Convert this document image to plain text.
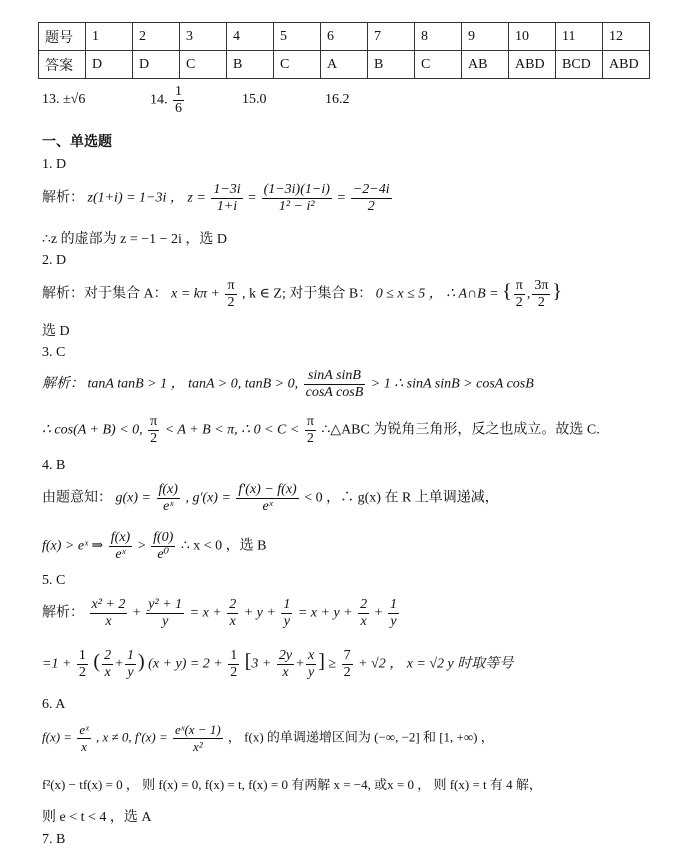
题号	1	2	3	4	5	6	7	8	9	10	11	12
答案	D	D	C	B	C	A	B	C	AB	ABD	BCD	ABD
13. ±√6	14. $\frac{1}{6}$	15.0	16.2
一、单选题
1. D
解析： z(1+i) = 1−3i ， $z = \frac{1-3i}{1+i} = \frac{(1-3i)(1-i)}{\text{1² − i²}} = \frac{-2-4i}{2}$
∴z 的虚部为 z = −1 − 2i ，选 D
2. D
解析：对于集合 A： $x = k\pi + \frac{\pi}{2}$ , k ∈ Z; 对于集合 B： 0 ≤ x ≤ 5 ， ∴ A∩B = { $\frac{\pi}{2}$ , $\frac{3\pi}{2}$ }
选 D
3. C
解析： tanA tanB > 1 ， tanA > 0, tanB > 0, $\frac{\text{sinA sinB}}{\text{cosA cosB}} > 1$ ∴ sinA sinB > cosA cosB
∴ cos(A + B) < 0, $\frac{\pi}{2} < A + B < \pi$, ∴ $0 < C < \frac{\pi}{2}$ ∴△ABC 为锐角三角形，反之也成立。故选 C.
4. B
由题意知： $g(x) = \frac{f(x)}{\text{eˣ}}$ , $g'(x) = \frac{f'(x) - f(x)}{\text{eˣ}} < 0$ ，∴ g(x) 在 R 上单调递减，
f(x) > eˣ ⇒ $\frac{f(x)}{\text{eˣ}} > \frac{f(0)}{\text{e⁰}}$ ∴ x < 0 ，选 B
5. C
解析： $\frac{\text{x² + 2}}{x} + \frac{\text{y² + 1}}{y} = x + \frac{2}{x} + y + \frac{1}{y} = x + y + \frac{2}{x} + \frac{1}{y}$
$=1 + \frac{1}{2}$ ( $\frac{2}{x} + \frac{1}{y}$ ) $(x + y) = 2 + \frac{1}{2} [3 + \frac{2y}{x} + \frac{x}{y}$ ] ≥ $\frac{7}{2} + √2$ ， x = √2 y 时取等号
6. A
$f(x) = \frac{\text{eˣ}}{x}$ , x ≠ 0, $f'(x) = \frac{\text{eˣ(x − 1)}}{\text{x²}}$ ， f(x) 的单调递增区间为 (−∞, −2] 和 [1, +∞) ，
f²(x) − tf(x) = 0 ， 则 f(x) = 0, f(x) = t, f(x) = 0 有两解 x = −4, 或x = 0 ， 则 f(x) = t 有 4 解，
则 e < t < 4 ，选 A
7. B
